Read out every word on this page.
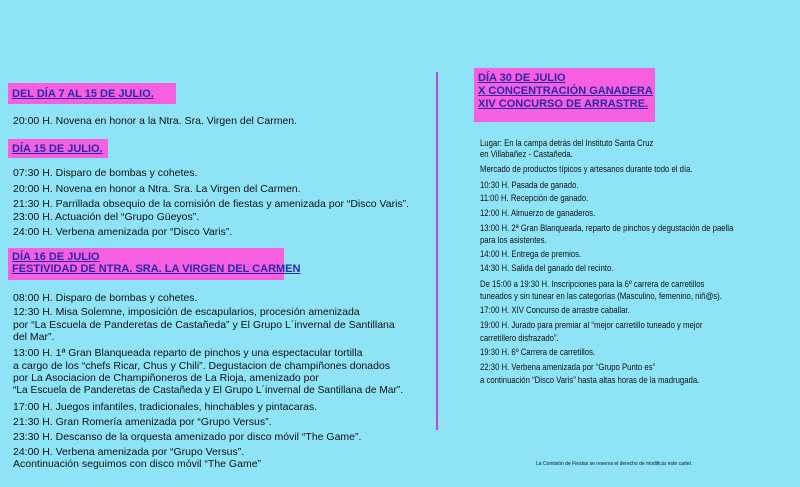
DEL DÍA 7 AL 15 DE JULIO.
20:00 H. Novena en honor a la Ntra. Sra. Virgen del Carmen.
DÍA 15 DE JULIO.
07:30 H. Disparo de bombas y cohetes.
20:00 H. Novena en honor a Ntra. Sra. La Virgen del Carmen.
21:30 H. Parrillada obsequio de la comisión de fiestas y amenizada por “Disco Varis”.
23:00 H. Actuación del “Grupo Güeyos”.
24:00 H. Verbena amenizada por “Disco Varis”.
DÍA 16 DE JULIO
FESTIVIDAD DE NTRA. SRA. LA VIRGEN DEL CARMEN
08:00 H. Disparo de bombas y cohetes.
12:30 H. Misa Solemne, imposición de escapularios, procesión amenizada
por “La Escuela de Panderetas de Castañeda” y El Grupo L´invernal de Santillana
del Mar”.
13:00 H. 1ª Gran Blanqueada reparto de pinchos y una espectacular tortilla
a cargo de los “chefs Ricar, Chus y Chili”. Degustacion de champiñones donados
por La Asociacion de Champiñoneros de La Rioja, amenizado por
“La Escuela de Panderetas de Castañeda y El Grupo L´invernal de Santillana de Mar”.
17:00 H. Juegos infantiles, tradicionales, hinchables y pintacaras.
21:30 H. Gran Romería amenizada por “Grupo Versus”.
23:30 H. Descanso de la orquesta amenizado por disco móvil “The Game”.
24:00 H. Verbena amenizada por “Grupo Versus”.
Acontinuación seguimos con disco móvil “The Game”
DÍA 30 DE JULIO
X CONCENTRACIÓN GANADERA
XIV CONCURSO DE ARRASTRE.
Lugar: En la campa detrás del Instituto Santa Cruz
en Villabañez - Castañeda.
Mercado de productos típicos y artesanos durante todo el día.
10:30 H. Pasada de ganado.
11:00 H. Recepción de ganado.
12:00 H. Almuerzo de ganaderos.
13:00 H. 2ª Gran Blanqueada, reparto de pinchos y degustación de paella
para los asistentes.
14:00 H. Entrega de premios.
14:30 H. Salida del ganado del recinto.
De 15:00 a 19:30 H. Inscripciones para la 6º carrera de carretillos
tuneados y sin tunear en las categorías (Masculino, femenino, niñ@s).
17:00 H. XIV Concurso de arrastre caballar.
19:00 H. Jurado para premiar al “mejor carretillo tuneado y mejor
carretillero disfrazado”.
19:30 H. 6º Carrera de carretillos.
22:30 H. Verbena amenizada por “Grupo Punto es”
a continuación “Disco Varis” hasta altas horas de la madrugada.
La Comisión de Fiestas se reserva el derecho de modificar este cartel.
